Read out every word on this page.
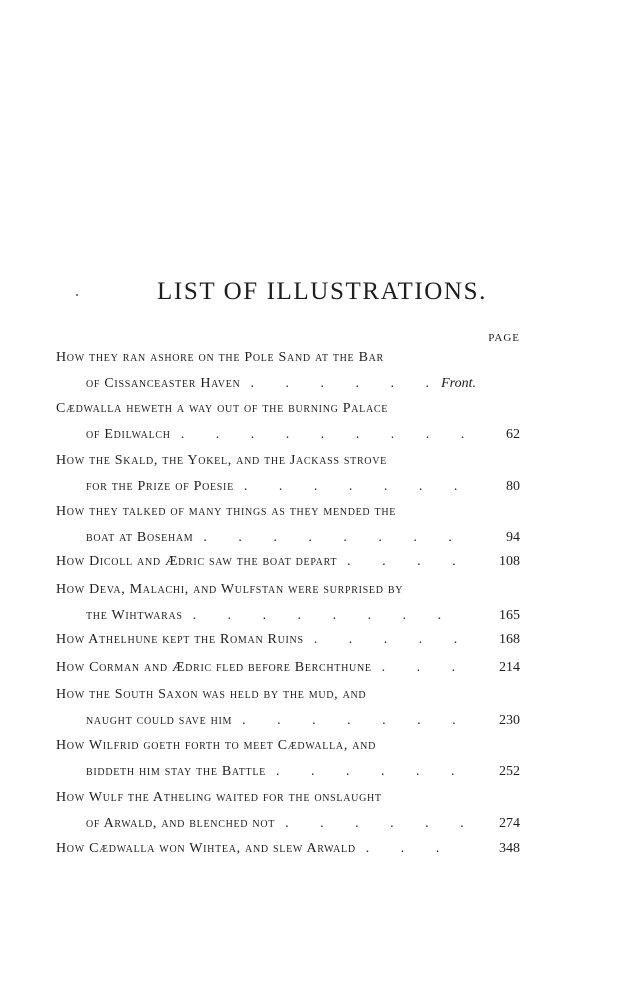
LIST OF ILLUSTRATIONS.
PAGE
How they ran ashore on the Pole Sand at the Bar
of Cissanceaster Haven . . .	Front.
Cædwalla heweth a way out of the burning Palace
of Edilwalch . . .	62
How the Skald, the Yokel, and the Jackass strove
for the Prize of Poesie . . .	80
How they talked of many things as they mended the
boat at Boseham . . .	94
How Dicoll and Ædric saw the boat depart . . .	108
How Deva, Malachi, and Wulfstan were surprised by
the Wihtwaras . . .	165
How Athelhune kept the Roman Ruins . . .	168
How Corman and Ædric fled before Berchthune . . .	214
How the South Saxon was held by the mud, and
naught could save him . . .	230
How Wilfrid goeth forth to meet Cædwalla, and
biddeth him stay the Battle . . .	252
How Wulf the Atheling waited for the onslaught
of Arwald, and blenched not . . .	274
How Cædwalla won Wihtea, and slew Arwald . . .	348
